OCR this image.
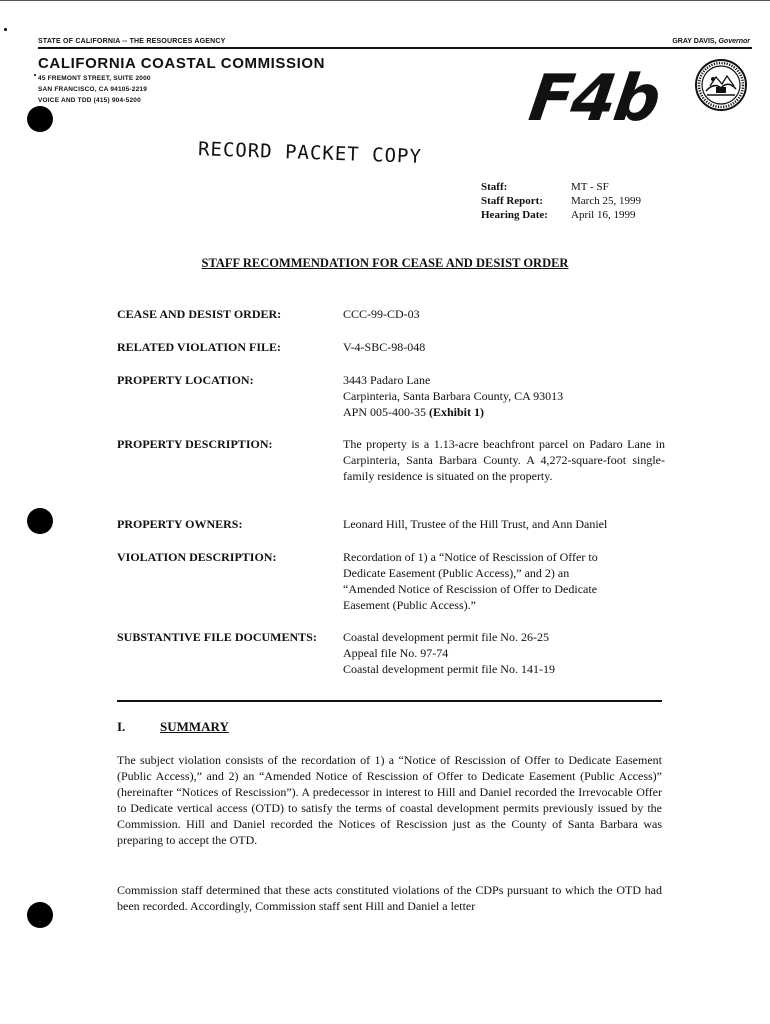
STATE OF CALIFORNIA -- THE RESOURCES AGENCY	GRAY DAVIS, Governor
CALIFORNIA COASTAL COMMISSION
45 FREMONT STREET, SUITE 2000
SAN FRANCISCO, CA 94105-2219
VOICE AND TDD (415) 904-5200	F4b
RECORD PACKET COPY
Staff:	MT - SF
Staff Report:	March 25, 1999
Hearing Date:	April 16, 1999
STAFF RECOMMENDATION FOR CEASE AND DESIST ORDER
CEASE AND DESIST ORDER:	CCC-99-CD-03
RELATED VIOLATION FILE:	V-4-SBC-98-048
PROPERTY LOCATION:	3443 Padaro Lane
Carpinteria, Santa Barbara County, CA 93013
APN 005-400-35 (Exhibit 1)
PROPERTY DESCRIPTION:	The property is a 1.13-acre beachfront parcel on Padaro Lane in Carpinteria, Santa Barbara County. A 4,272-square-foot single-family residence is situated on the property.
PROPERTY OWNERS:	Leonard Hill, Trustee of the Hill Trust, and Ann Daniel
VIOLATION DESCRIPTION:	Recordation of 1) a “Notice of Rescission of Offer to
Dedicate Easement (Public Access),” and 2) an
“Amended Notice of Rescission of Offer to Dedicate
Easement (Public Access).”
SUBSTANTIVE FILE DOCUMENTS:	Coastal development permit file No. 26-25
Appeal file No. 97-74
Coastal development permit file No. 141-19
I.	SUMMARY
The subject violation consists of the recordation of 1) a “Notice of Rescission of Offer to Dedicate Easement (Public Access),” and 2) an “Amended Notice of Rescission of Offer to Dedicate Easement (Public Access)” (hereinafter “Notices of Rescission”). A predecessor in interest to Hill and Daniel recorded the Irrevocable Offer to Dedicate vertical access (OTD) to satisfy the terms of coastal development permits previously issued by the Commission. Hill and Daniel recorded the Notices of Rescission just as the County of Santa Barbara was preparing to accept the OTD.
Commission staff determined that these acts constituted violations of the CDPs pursuant to which the OTD had been recorded. Accordingly, Commission staff sent Hill and Daniel a letter
